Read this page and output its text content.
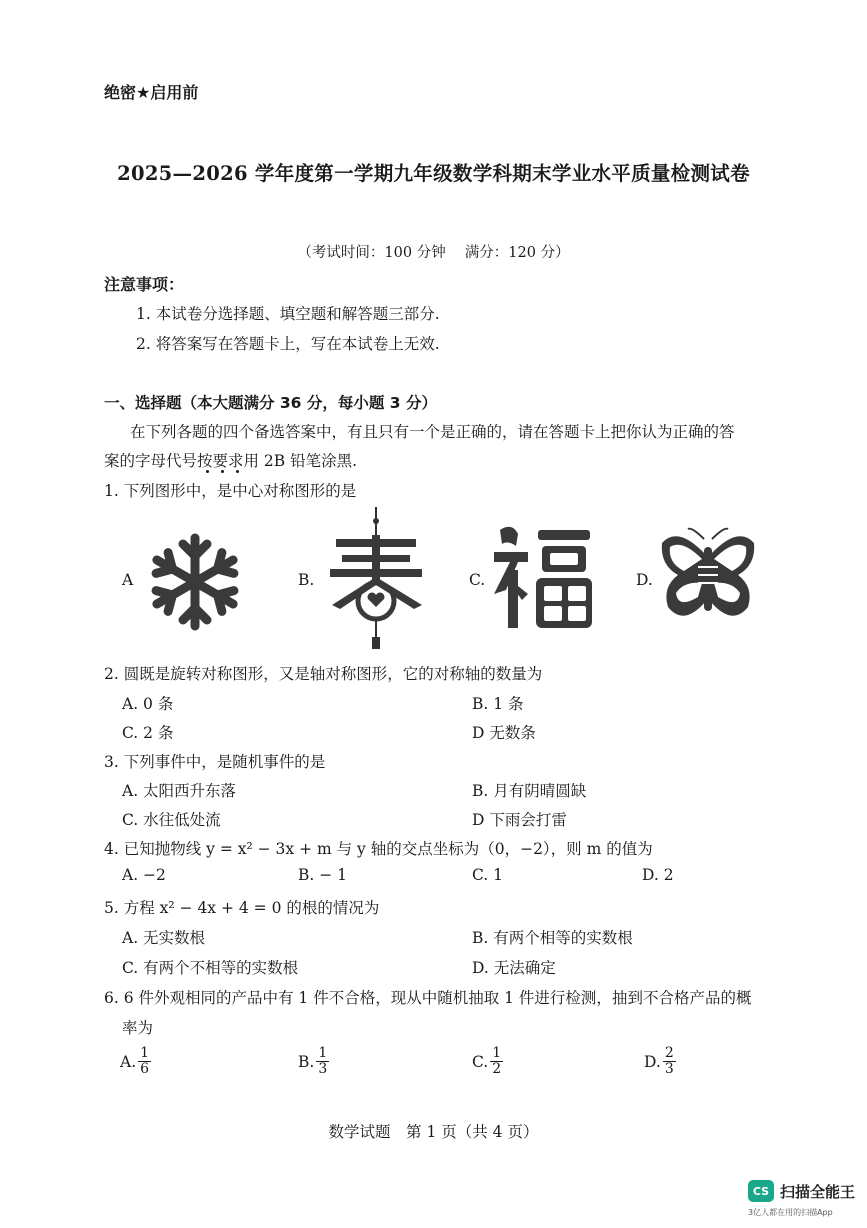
绝密★启用前
2025—2026 学年度第一学期九年级数学科期末学业水平质量检测试卷
（考试时间：100 分钟　 满分：120 分）
注意事项：
1. 本试卷分选择题、填空题和解答题三部分.
2. 将答案写在答题卡上，写在本试卷上无效.
一、选择题（本大题满分 36 分，每小题 3 分）
在下列各题的四个备选答案中，有且只有一个是正确的，请在答题卡上把你认为正确的答
案的字母代号按要求用 2B 铅笔涂黑.
1. 下列图形中，是中心对称图形的是
A	B.	C.	D.
2. 圆既是旋转对称图形，又是轴对称图形，它的对称轴的数量为
A. 0 条	B. 1 条
C. 2 条	D 无数条
3. 下列事件中，是随机事件的是
A. 太阳西升东落	B. 月有阴晴圆缺
C. 水往低处流	D 下雨会打雷
4. 已知抛物线 y = x² − 3x + m 与 y 轴的交点坐标为（0，−2），则 m 的值为
A. −2	B. − 1	C. 1	D. 2
5. 方程 x² − 4x + 4 = 0 的根的情况为
A. 无实数根	B. 有两个相等的实数根
C. 有两个不相等的实数根	D. 无法确定
6. 6 件外观相同的产品中有 1 件不合格，现从中随机抽取 1 件进行检测，抽到不合格产品的概
率为
A. $\frac{1}{6}$	B. $\frac{1}{3}$	C. $\frac{1}{2}$	D. $\frac{2}{3}$
数学试题　第 1 页（共 4 页）
CS 扫描全能王
3亿人都在用的扫描App
